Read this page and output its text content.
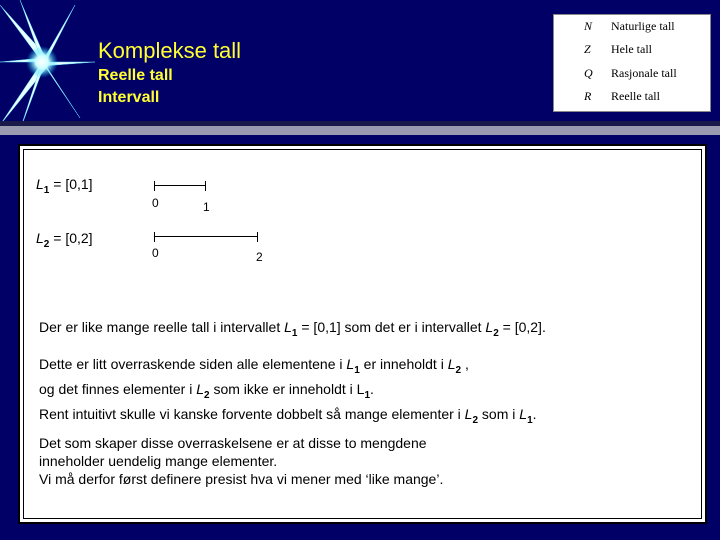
Komplekse tall
Reelle tall
Intervall
N Naturlige tall
Z Hele tall
Q Rasjonale tall
R Reelle tall
$L_1 = [0,1]$
0	1
$L_2 = [0,2]$
0	2
Der er like mange reelle tall i intervallet $L_1 = [0,1]$ som det er i intervallet $L_2 = [0,2]$.
Dette er litt overraskende siden alle elementene i $L_1$ er inneholdt i $L_2$ ,
og det finnes elementer i $L_2$ som ikke er inneholdt i $L_1$.
Rent intuitivt skulle vi kanske forvente dobbelt så mange elementer i $L_2$ som i $L_1$.
Det som skaper disse overraskelsene er at disse to mengdene
inneholder uendelig mange elementer.
Vi må derfor først definere presist hva vi mener med ‘like mange’.
